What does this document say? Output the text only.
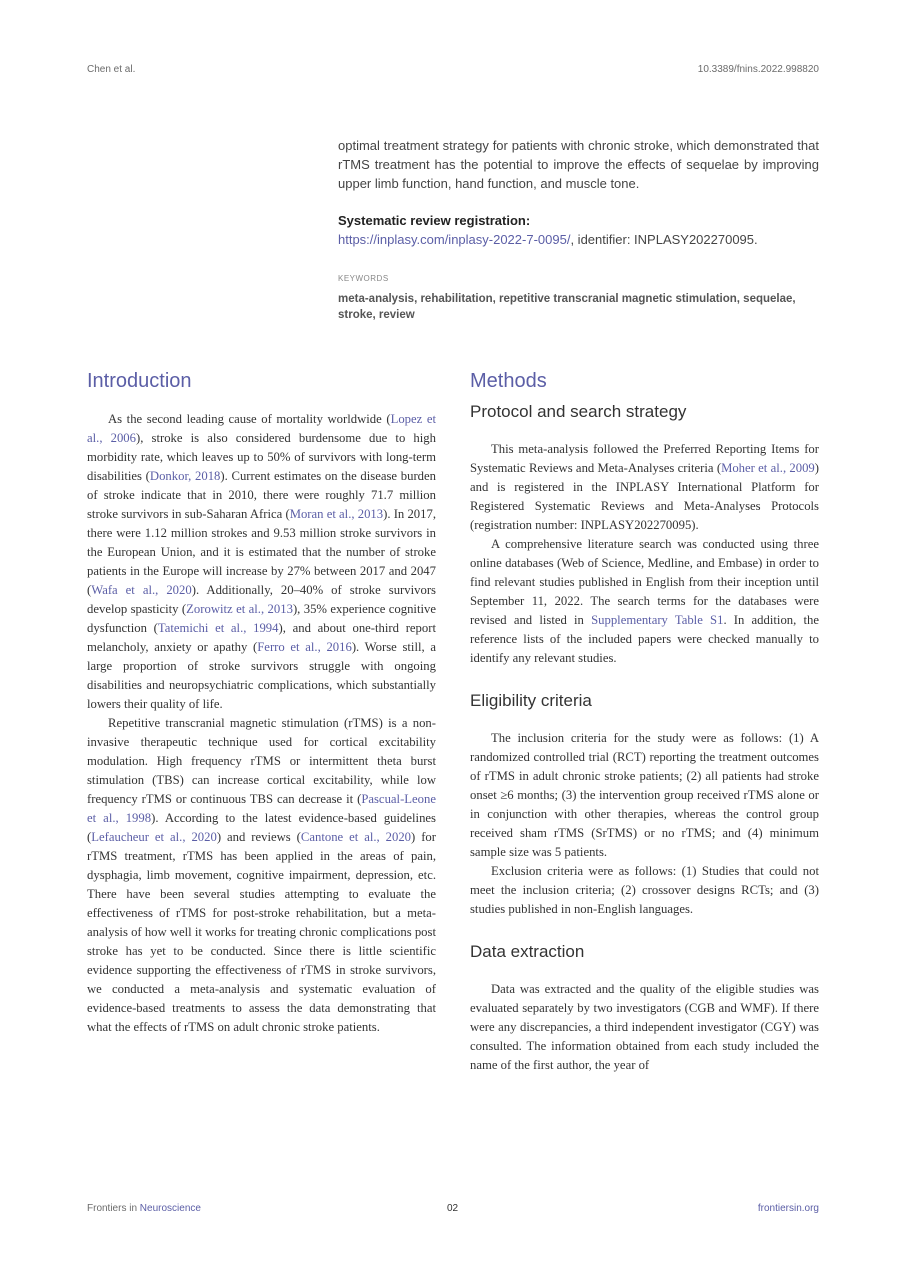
Chen et al.	10.3389/fnins.2022.998820

optimal treatment strategy for patients with chronic stroke, which demonstrated that rTMS treatment has the potential to improve the effects of sequelae by improving upper limb function, hand function, and muscle tone.

Systematic review registration:

https://inplasy.com/inplasy-2022-7-0095/, identifier: INPLASY202270095.

KEYWORDS

meta-analysis, rehabilitation, repetitive transcranial magnetic stimulation, sequelae, stroke, review

Introduction

As the second leading cause of mortality worldwide (Lopez et al., 2006), stroke is also considered burdensome due to high morbidity rate, which leaves up to 50% of survivors with long-term disabilities (Donkor, 2018). Current estimates on the disease burden of stroke indicate that in 2010, there were roughly 71.7 million stroke survivors in sub-Saharan Africa (Moran et al., 2013). In 2017, there were 1.12 million strokes and 9.53 million stroke survivors in the European Union, and it is estimated that the number of stroke patients in the Europe will increase by 27% between 2017 and 2047 (Wafa et al., 2020). Additionally, 20–40% of stroke survivors develop spasticity (Zorowitz et al., 2013), 35% experience cognitive dysfunction (Tatemichi et al., 1994), and about one-third report melancholy, anxiety or apathy (Ferro et al., 2016). Worse still, a large proportion of stroke survivors struggle with ongoing disabilities and neuropsychiatric complications, which substantially lowers their quality of life.

Repetitive transcranial magnetic stimulation (rTMS) is a non-invasive therapeutic technique used for cortical excitability modulation. High frequency rTMS or intermittent theta burst stimulation (TBS) can increase cortical excitability, while low frequency rTMS or continuous TBS can decrease it (Pascual-Leone et al., 1998). According to the latest evidence-based guidelines (Lefaucheur et al., 2020) and reviews (Cantone et al., 2020) for rTMS treatment, rTMS has been applied in the areas of pain, dysphagia, limb movement, cognitive impairment, depression, etc. There have been several studies attempting to evaluate the effectiveness of rTMS for post-stroke rehabilitation, but a meta-analysis of how well it works for treating chronic complications post stroke has yet to be conducted. Since there is little scientific evidence supporting the effectiveness of rTMS in stroke survivors, we conducted a meta-analysis and systematic evaluation of evidence-based treatments to assess the data demonstrating that what the effects of rTMS on adult chronic stroke patients.

Methods
Protocol and search strategy

This meta-analysis followed the Preferred Reporting Items for Systematic Reviews and Meta-Analyses criteria (Moher et al., 2009) and is registered in the INPLASY International Platform for Registered Systematic Reviews and Meta-Analyses Protocols (registration number: INPLASY202270095).

A comprehensive literature search was conducted using three online databases (Web of Science, Medline, and Embase) in order to find relevant studies published in English from their inception until September 11, 2022. The search terms for the databases were revised and listed in Supplementary Table S1. In addition, the reference lists of the included papers were checked manually to identify any relevant studies.

Eligibility criteria

The inclusion criteria for the study were as follows: (1) A randomized controlled trial (RCT) reporting the treatment outcomes of rTMS in adult chronic stroke patients; (2) all patients had stroke onset ≥6 months; (3) the intervention group received rTMS alone or in conjunction with other therapies, whereas the control group received sham rTMS (SrTMS) or no rTMS; and (4) minimum sample size was 5 patients.

Exclusion criteria were as follows: (1) Studies that could not meet the inclusion criteria; (2) crossover designs RCTs; and (3) studies published in non-English languages.

Data extraction

Data was extracted and the quality of the eligible studies was evaluated separately by two investigators (CGB and WMF). If there were any discrepancies, a third independent investigator (CGY) was consulted. The information obtained from each study included the name of the first author, the year of

Frontiers in Neuroscience	02	frontiersin.org
